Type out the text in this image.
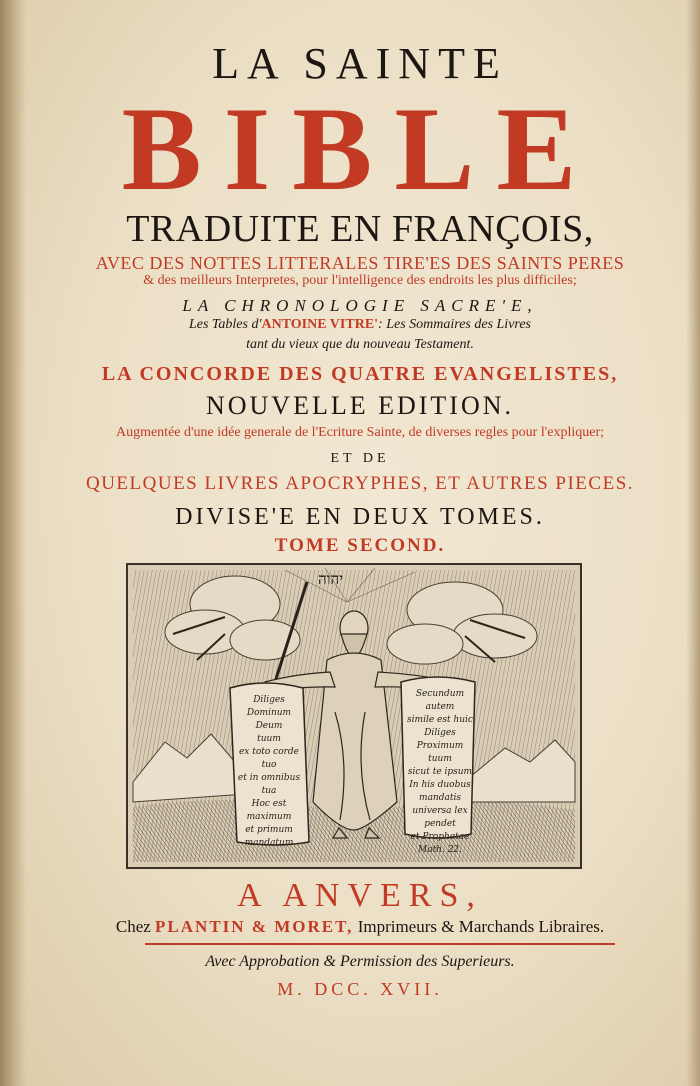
LA SAINTE
BIBLE
TRADUITE EN FRANÇOIS,
AVEC DES NOTTES LITTERALES TIRE'ES DES SAINTS PERES
& des meilleurs Interpretes, pour l'intelligence des endroits les plus difficiles;
LA CHRONOLOGIE SACRE'E,
Les Tables d'ANTOINE VITRE': Les Sommaires des Livres
tant du vieux que du nouveau Testament.
LA CONCORDE DES QUATRE EVANGELISTES,
NOUVELLE EDITION.
Augmentée d'une idée generale de l'Ecriture Sainte, de diverses regles pour l'expliquer;
ET DE
QUELQUES LIVRES APOCRYPHES, ET AUTRES PIECES.
DIVISE'E EN DEUX TOMES.
TOME SECOND.
יהוה
Diliges
Dominum Deum
tuum
ex toto corde tuo
et in omnibus
tua
Hoc est
maximum
et primum
mandatum
Secundum
autem
simile est huic
Diliges
Proximum
tuum
sicut te ipsum
In his duobus
mandatis
universa lex
pendet
et Prophetae
Math. 22.
A ANVERS,
Chez PLANTIN & MORET, Imprimeurs & Marchands Libraires.
Avec Approbation & Permission des Superieurs.
M. DCC. XVII.
